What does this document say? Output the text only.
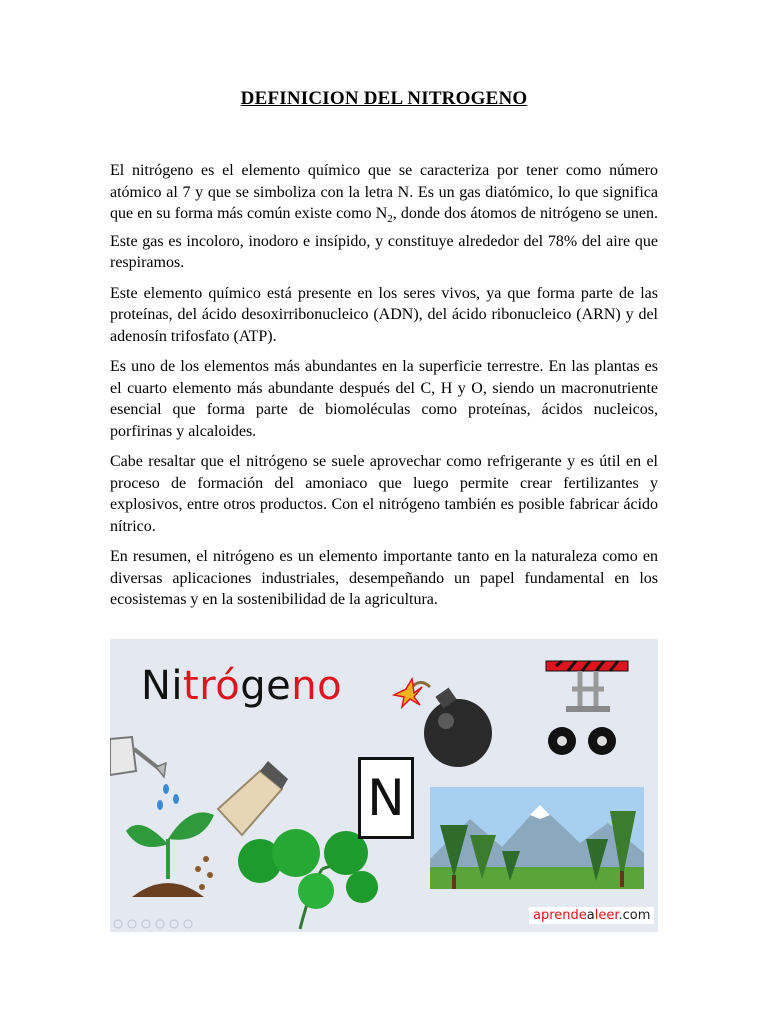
DEFINICION DEL NITROGENO

El nitrógeno es el elemento químico que se caracteriza por tener como número atómico al 7 y que se simboliza con la letra N. Es un gas diatómico, lo que significa que en su forma más común existe como $N_2$, donde dos átomos de nitrógeno se unen. Este gas es incoloro, inodoro e insípido, y constituye alrededor del 78% del aire que respiramos.

Este elemento químico está presente en los seres vivos, ya que forma parte de las proteínas, del ácido desoxirribonucleico (ADN), del ácido ribonucleico (ARN) y del adenosín trifosfato (ATP).

Es uno de los elementos más abundantes en la superficie terrestre. En las plantas es el cuarto elemento más abundante después del C, H y O, siendo un macronutriente esencial que forma parte de biomoléculas como proteínas, ácidos nucleicos, porfirinas y alcaloides.

Cabe resaltar que el nitrógeno se suele aprovechar como refrigerante y es útil en el proceso de formación del amoniaco que luego permite crear fertilizantes y explosivos, entre otros productos. Con el nitrógeno también es posible fabricar ácido nítrico.

En resumen, el nitrógeno es un elemento importante tanto en la naturaleza como en diversas aplicaciones industriales, desempeñando un papel fundamental en los ecosistemas y en la sostenibilidad de la agricultura.

Nitrógeno
N
aprendealeer.com
